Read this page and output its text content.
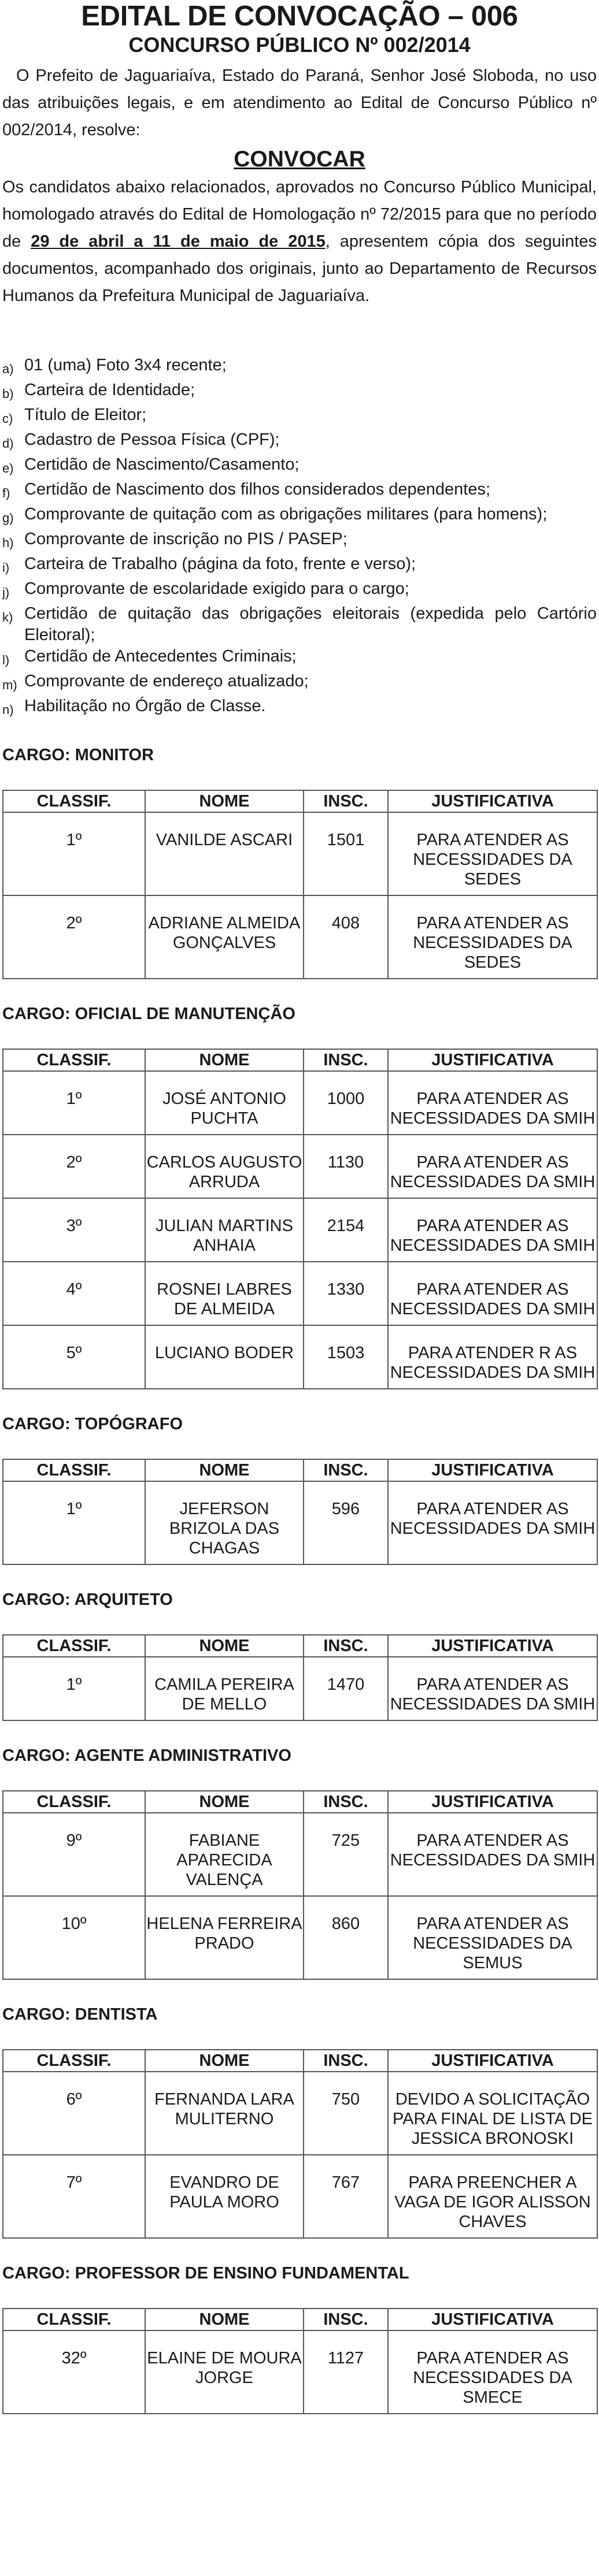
EDITAL DE CONVOCAÇÃO – 006
CONCURSO PÚBLICO Nº 002/2014

O Prefeito de Jaguariaíva, Estado do Paraná, Senhor José Sloboda, no uso das atribuições legais, e em atendimento ao Edital de Concurso Público nº 002/2014, resolve:

CONVOCAR

Os candidatos abaixo relacionados, aprovados no Concurso Público Municipal, homologado através do Edital de Homologação nº 72/2015 para que no período de 29 de abril a 11 de maio de 2015, apresentem cópia dos seguintes documentos, acompanhado dos originais, junto ao Departamento de Recursos Humanos da Prefeitura Municipal de Jaguariaíva.

a) 01 (uma) Foto 3x4 recente;
b) Carteira de Identidade;
c) Título de Eleitor;
d) Cadastro de Pessoa Física (CPF);
e) Certidão de Nascimento/Casamento;
f) Certidão de Nascimento dos filhos considerados dependentes;
g) Comprovante de quitação com as obrigações militares (para homens);
h) Comprovante de inscrição no PIS / PASEP;
i) Carteira de Trabalho (página da foto, frente e verso);
j) Comprovante de escolaridade exigido para o cargo;
k) Certidão de quitação das obrigações eleitorais (expedida pelo Cartório Eleitoral);
l) Certidão de Antecedentes Criminais;
m) Comprovante de endereço atualizado;
n) Habilitação no Órgão de Classe.
CARGO: MONITOR
CLASSIF.	NOME	INSC.	JUSTIFICATIVA
1º	VANILDE ASCARI	1501	PARA ATENDER AS NECESSIDADES DA SEDES
2º	ADRIANE ALMEIDA GONÇALVES	408	PARA ATENDER AS NECESSIDADES DA SEDES
CARGO: OFICIAL DE MANUTENÇÃO
CLASSIF.	NOME	INSC.	JUSTIFICATIVA
1º	JOSÉ ANTONIO PUCHTA	1000	PARA ATENDER AS NECESSIDADES DA SMIH
2º	CARLOS AUGUSTO ARRUDA	1130	PARA ATENDER AS NECESSIDADES DA SMIH
3º	JULIAN MARTINS ANHAIA	2154	PARA ATENDER AS NECESSIDADES DA SMIH
4º	ROSNEI LABRES DE ALMEIDA	1330	PARA ATENDER AS NECESSIDADES DA SMIH
5º	LUCIANO BODER	1503	PARA ATENDER R AS NECESSIDADES DA SMIH
CARGO: TOPÓGRAFO
CLASSIF.	NOME	INSC.	JUSTIFICATIVA
1º	JEFERSON BRIZOLA DAS CHAGAS	596	PARA ATENDER AS NECESSIDADES DA SMIH
CARGO: ARQUITETO
CLASSIF.	NOME	INSC.	JUSTIFICATIVA
1º	CAMILA PEREIRA DE MELLO	1470	PARA ATENDER AS NECESSIDADES DA SMIH
CARGO: AGENTE ADMINISTRATIVO
CLASSIF.	NOME	INSC.	JUSTIFICATIVA
9º	FABIANE APARECIDA VALENÇA	725	PARA ATENDER AS NECESSIDADES DA SMIH
10º	HELENA FERREIRA PRADO	860	PARA ATENDER AS NECESSIDADES DA SEMUS
CARGO: DENTISTA
CLASSIF.	NOME	INSC.	JUSTIFICATIVA
6º	FERNANDA LARA MULITERNO	750	DEVIDO A SOLICITAÇÃO PARA FINAL DE LISTA DE JESSICA BRONOSKI
7º	EVANDRO DE PAULA MORO	767	PARA PREENCHER A VAGA DE IGOR ALISSON CHAVES
CARGO: PROFESSOR DE ENSINO FUNDAMENTAL
CLASSIF.	NOME	INSC.	JUSTIFICATIVA
32º	ELAINE DE MOURA JORGE	1127	PARA ATENDER AS NECESSIDADES DA SMECE
